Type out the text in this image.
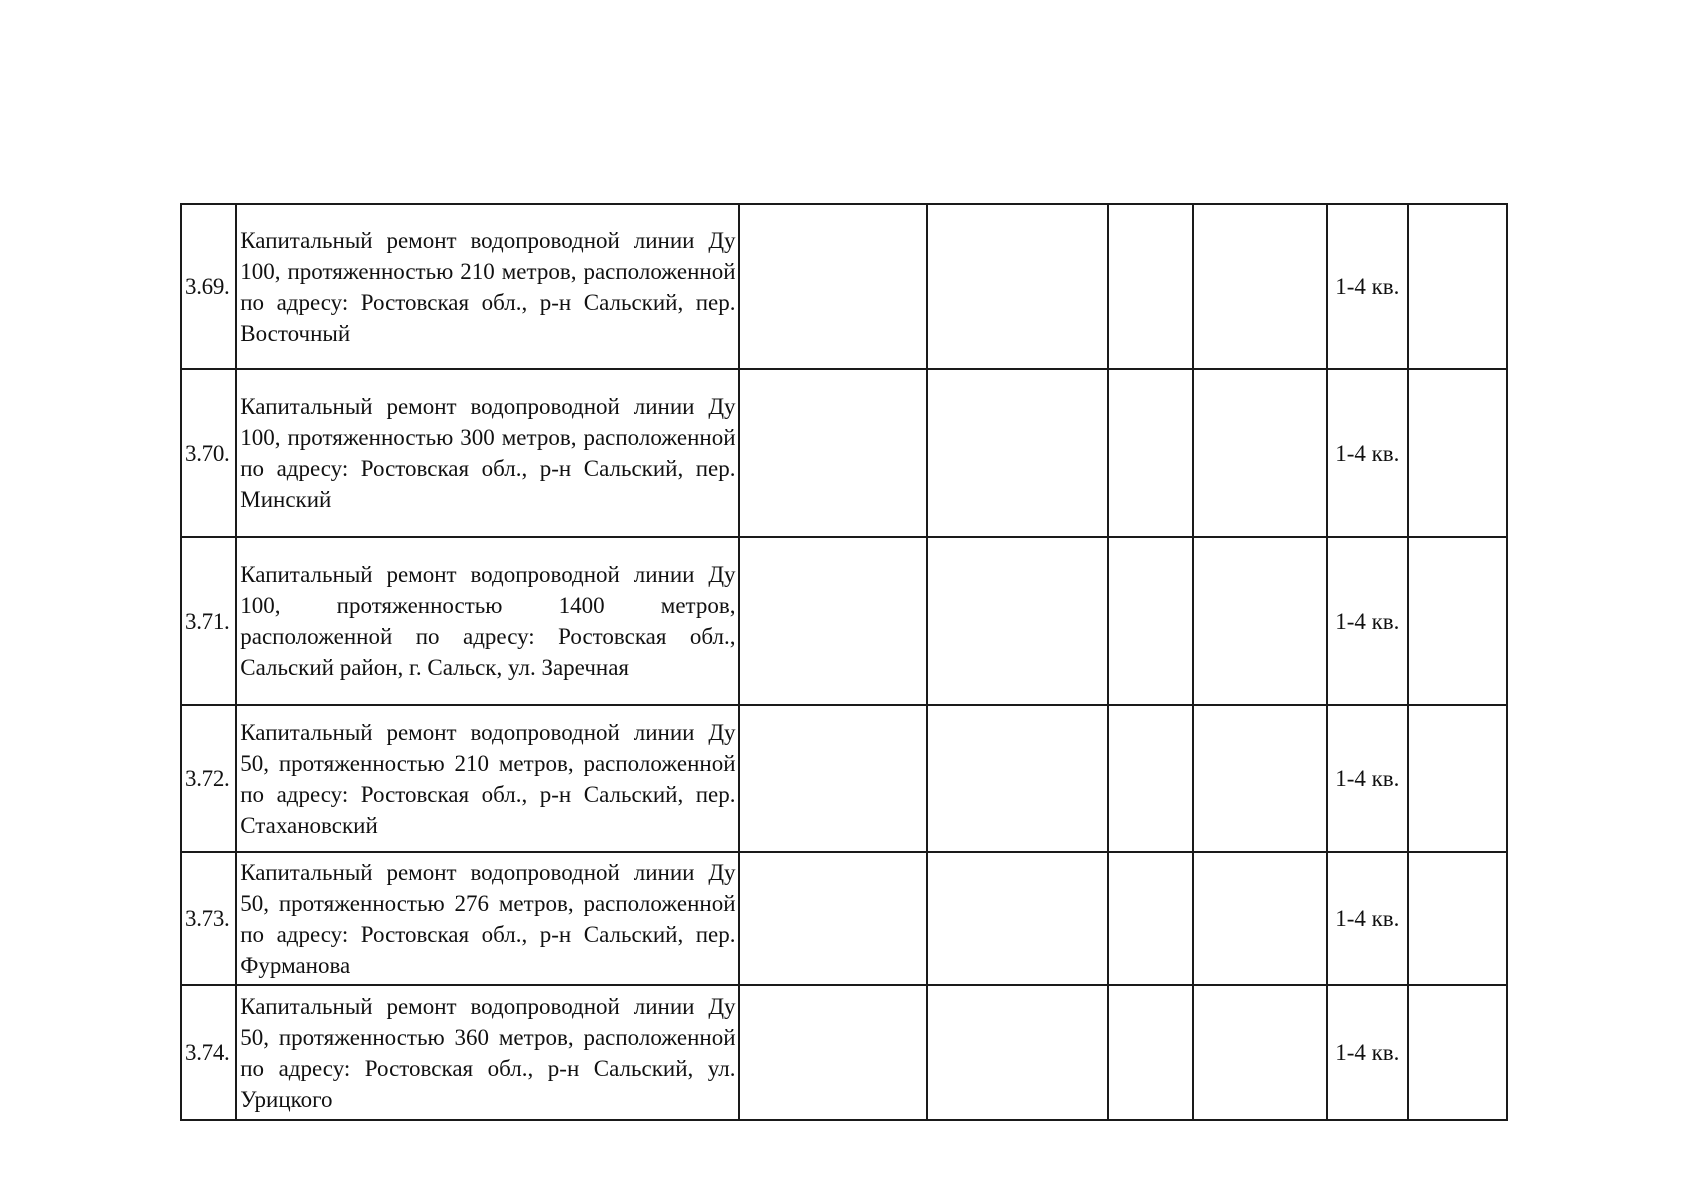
3.69.	Капитальный ремонт водопроводной линии Ду 100, протяженностью 210 метров, расположенной по адресу: Ростовская обл., р-н Сальский, пер. Восточный					1-4 кв.	
3.70.	Капитальный ремонт водопроводной линии Ду 100, протяженностью 300 метров, расположенной по адресу: Ростовская обл., р-н Сальский, пер. Минский					1-4 кв.	
3.71.	Капитальный ремонт водопроводной линии Ду 100, протяженностью 1400 метров, расположенной по адресу: Ростовская обл., Сальский район, г. Сальск, ул. Заречная					1-4 кв.	
3.72.	Капитальный ремонт водопроводной линии Ду 50, протяженностью 210 метров, расположенной по адресу: Ростовская обл., р-н Сальский, пер. Стахановский					1-4 кв.	
3.73.	Капитальный ремонт водопроводной линии Ду 50, протяженностью 276 метров, расположенной по адресу: Ростовская обл., р-н Сальский, пер. Фурманова					1-4 кв.	
3.74.	Капитальный ремонт водопроводной линии Ду 50, протяженностью 360 метров, расположенной по адресу: Ростовская обл., р-н Сальский, ул. Урицкого					1-4 кв.	
